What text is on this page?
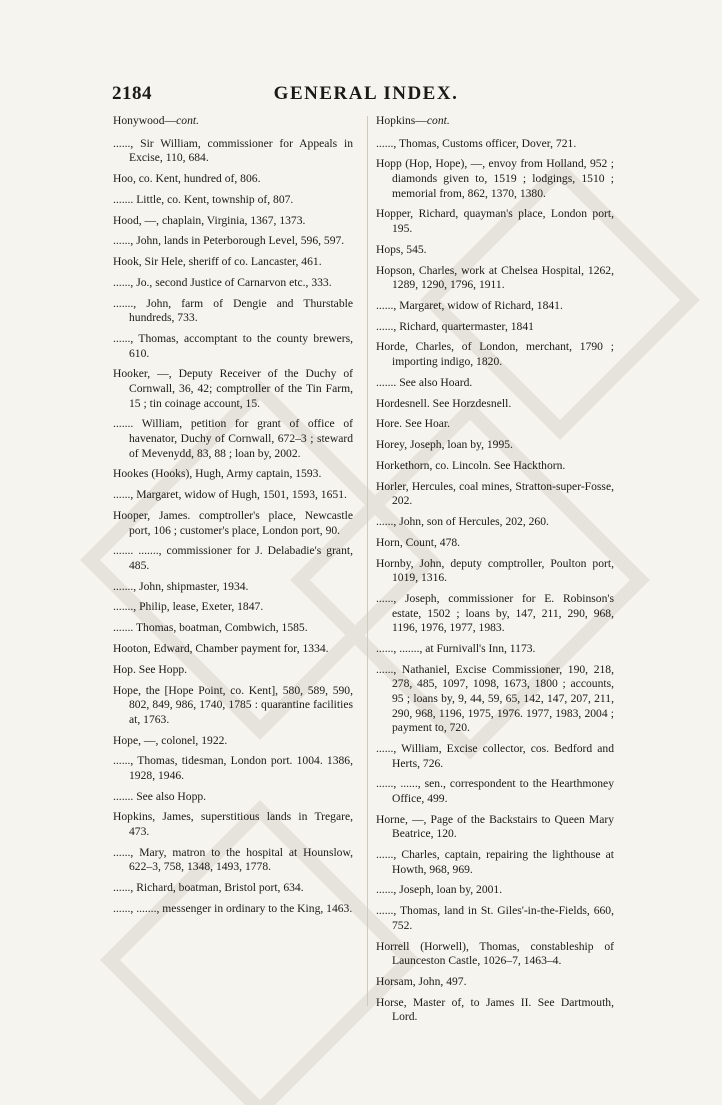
2184	GENERAL INDEX.
Honywood—cont.

......, Sir William, commissioner for Appeals in Excise, 110, 684.

Hoo, co. Kent, hundred of, 806.

....... Little, co. Kent, township of, 807.

Hood, —, chaplain, Virginia, 1367, 1373.

......, John, lands in Peterborough Level, 596, 597.

Hook, Sir Hele, sheriff of co. Lancaster, 461.

......, Jo., second Justice of Carnarvon etc., 333.

......., John, farm of Dengie and Thurstable hundreds, 733.

......, Thomas, accomptant to the county brewers, 610.

Hooker, —, Deputy Receiver of the Duchy of Cornwall, 36, 42; comptroller of the Tin Farm, 15 ; tin coinage account, 15.

....... William, petition for grant of office of havenator, Duchy of Cornwall, 672–3 ; steward of Mevenydd, 83, 88 ; loan by, 2002.

Hookes (Hooks), Hugh, Army captain, 1593.

......, Margaret, widow of Hugh, 1501, 1593, 1651.

Hooper, James. comptroller's place, Newcastle port, 106 ; customer's place, London port, 90.

....... ......., commissioner for J. Delabadie's grant, 485.

......., John, shipmaster, 1934.

......., Philip, lease, Exeter, 1847.

....... Thomas, boatman, Combwich, 1585.

Hooton, Edward, Chamber payment for, 1334.

Hop. See Hopp.

Hope, the [Hope Point, co. Kent], 580, 589, 590, 802, 849, 986, 1740, 1785 : quarantine facilities at, 1763.

Hope, —, colonel, 1922.

......, Thomas, tidesman, London port. 1004. 1386, 1928, 1946.

....... See also Hopp.

Hopkins, James, superstitious lands in Tregare, 473.

......, Mary, matron to the hospital at Hounslow, 622–3, 758, 1348, 1493, 1778.

......, Richard, boatman, Bristol port, 634.

......, ......., messenger in ordinary to the King, 1463.

Hopkins—cont.

......, Thomas, Customs officer, Dover, 721.

Hopp (Hop, Hope), —, envoy from Holland, 952 ; diamonds given to, 1519 ; lodgings, 1510 ; memorial from, 862, 1370, 1380.

Hopper, Richard, quayman's place, London port, 195.

Hops, 545.

Hopson, Charles, work at Chelsea Hospital, 1262, 1289, 1290, 1796, 1911.

......, Margaret, widow of Richard, 1841.

......, Richard, quartermaster, 1841

Horde, Charles, of London, merchant, 1790 ; importing indigo, 1820.

....... See also Hoard.

Hordesnell. See Horzdesnell.

Hore. See Hoar.

Horey, Joseph, loan by, 1995.

Horkethorn, co. Lincoln. See Hackthorn.

Horler, Hercules, coal mines, Stratton-super-Fosse, 202.

......, John, son of Hercules, 202, 260.

Horn, Count, 478.

Hornby, John, deputy comptroller, Poulton port, 1019, 1316.

......, Joseph, commissioner for E. Robinson's estate, 1502 ; loans by, 147, 211, 290, 968, 1196, 1976, 1977, 1983.

......, ......., at Furnivall's Inn, 1173.

......, Nathaniel, Excise Commissioner, 190, 218, 278, 485, 1097, 1098, 1673, 1800 ; accounts, 95 ; loans by, 9, 44, 59, 65, 142, 147, 207, 211, 290, 968, 1196, 1975, 1976. 1977, 1983, 2004 ; payment to, 720.

......, William, Excise collector, cos. Bedford and Herts, 726.

......, ......, sen., correspondent to the Hearthmoney Office, 499.

Horne, —, Page of the Backstairs to Queen Mary Beatrice, 120.

......, Charles, captain, repairing the lighthouse at Howth, 968, 969.

......, Joseph, loan by, 2001.

......, Thomas, land in St. Giles'-in-the-Fields, 660, 752.

Horrell (Horwell), Thomas, constableship of Launceston Castle, 1026–7, 1463–4.

Horsam, John, 497.

Horse, Master of, to James II. See Dartmouth, Lord.
